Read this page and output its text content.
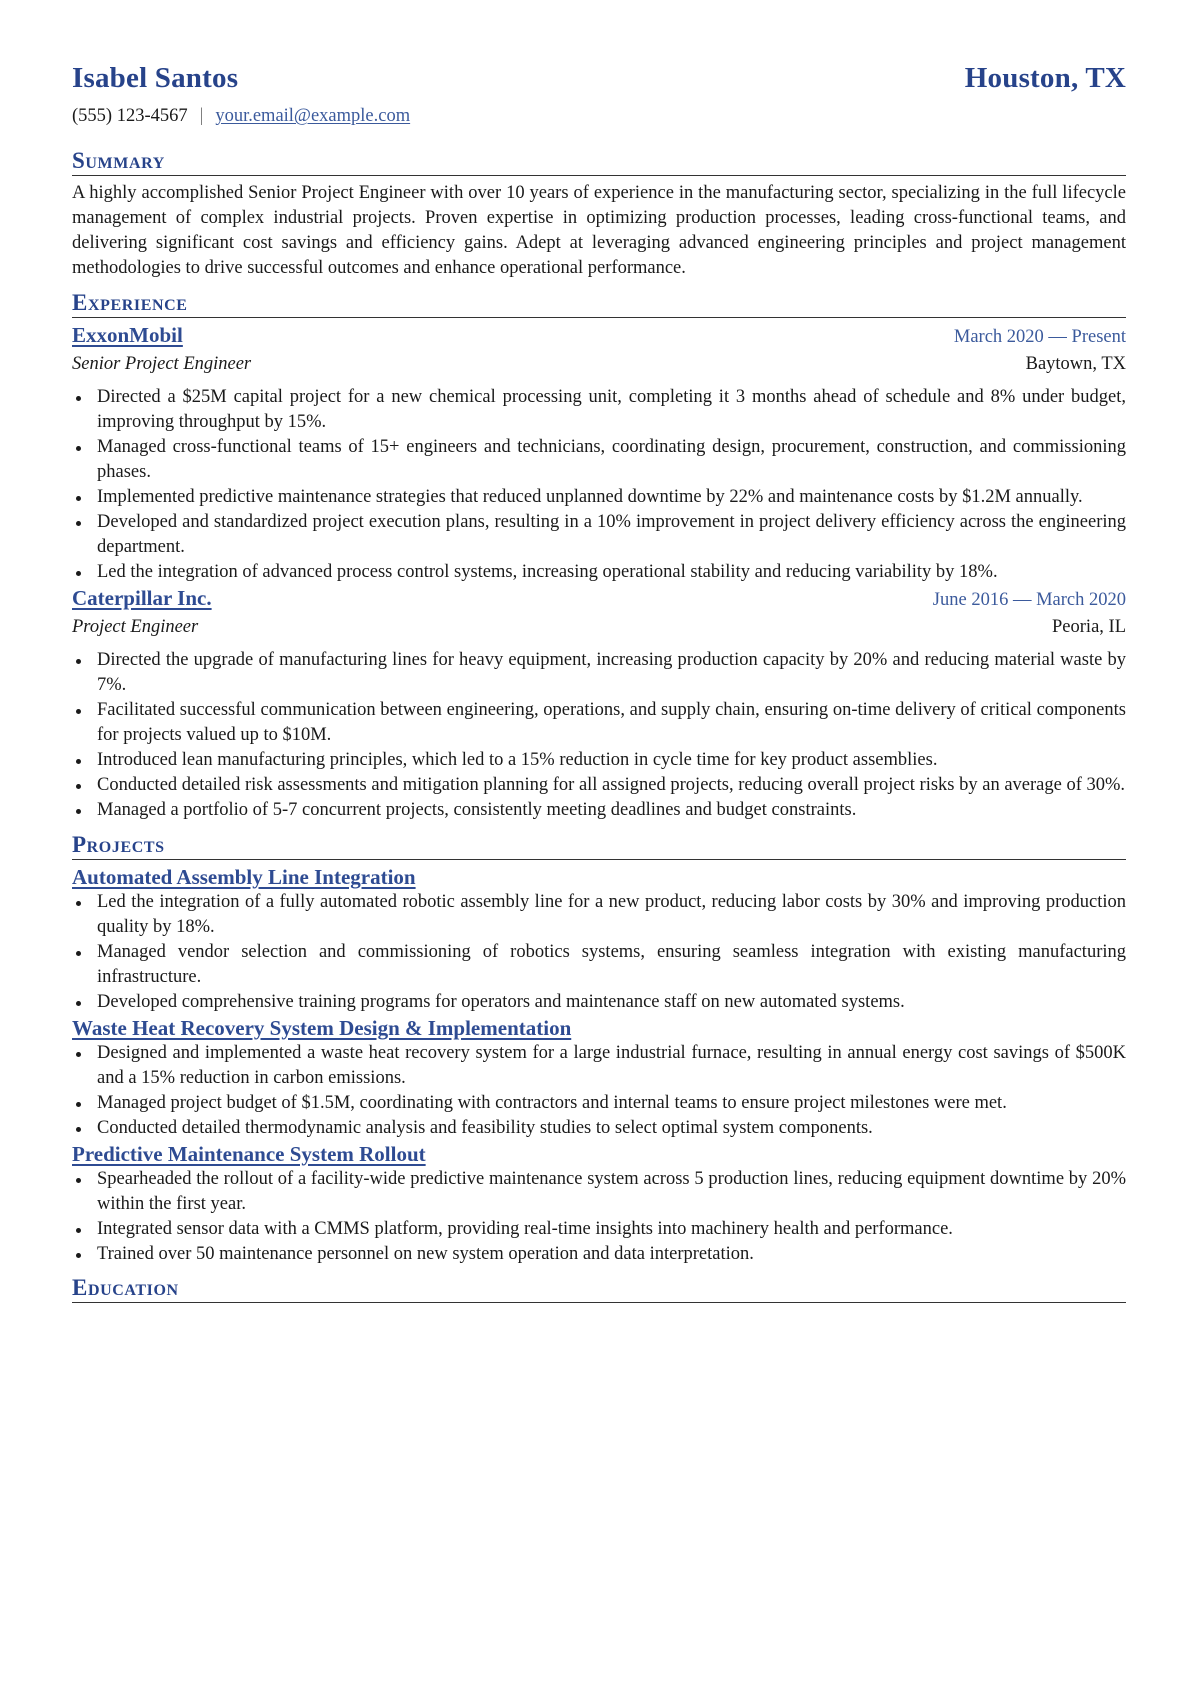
Isabel Santos	Houston, TX
(555) 123-4567 | your.email@example.com
Summary

A highly accomplished Senior Project Engineer with over 10 years of experience in the manufacturing sector, specializing in the full lifecycle management of complex industrial projects. Proven expertise in optimizing production processes, leading cross-functional teams, and delivering significant cost savings and efficiency gains. Adept at leveraging advanced engineering principles and project management methodologies to drive successful outcomes and enhance operational performance.

Experience
ExxonMobil	March 2020 — Present
Senior Project Engineer	Baytown, TX
Directed a $25M capital project for a new chemical processing unit, completing it 3 months ahead of schedule and 8% under budget, improving throughput by 15%.
Managed cross-functional teams of 15+ engineers and technicians, coordinating design, procurement, construction, and commissioning phases.
Implemented predictive maintenance strategies that reduced unplanned downtime by 22% and maintenance costs by $1.2M annually.
Developed and standardized project execution plans, resulting in a 10% improvement in project delivery efficiency across the engineering department.
Led the integration of advanced process control systems, increasing operational stability and reducing variability by 18%.
Caterpillar Inc.	June 2016 — March 2020
Project Engineer	Peoria, IL
Directed the upgrade of manufacturing lines for heavy equipment, increasing production capacity by 20% and reducing material waste by 7%.
Facilitated successful communication between engineering, operations, and supply chain, ensuring on-time delivery of critical components for projects valued up to $10M.
Introduced lean manufacturing principles, which led to a 15% reduction in cycle time for key product assemblies.
Conducted detailed risk assessments and mitigation planning for all assigned projects, reducing overall project risks by an average of 30%.
Managed a portfolio of 5-7 concurrent projects, consistently meeting deadlines and budget constraints.
Projects
Automated Assembly Line Integration
Led the integration of a fully automated robotic assembly line for a new product, reducing labor costs by 30% and improving production quality by 18%.
Managed vendor selection and commissioning of robotics systems, ensuring seamless integration with existing manufacturing infrastructure.
Developed comprehensive training programs for operators and maintenance staff on new automated systems.
Waste Heat Recovery System Design & Implementation
Designed and implemented a waste heat recovery system for a large industrial furnace, resulting in annual energy cost savings of $500K and a 15% reduction in carbon emissions.
Managed project budget of $1.5M, coordinating with contractors and internal teams to ensure project milestones were met.
Conducted detailed thermodynamic analysis and feasibility studies to select optimal system components.
Predictive Maintenance System Rollout
Spearheaded the rollout of a facility-wide predictive maintenance system across 5 production lines, reducing equipment downtime by 20% within the first year.
Integrated sensor data with a CMMS platform, providing real-time insights into machinery health and performance.
Trained over 50 maintenance personnel on new system operation and data interpretation.
Education
